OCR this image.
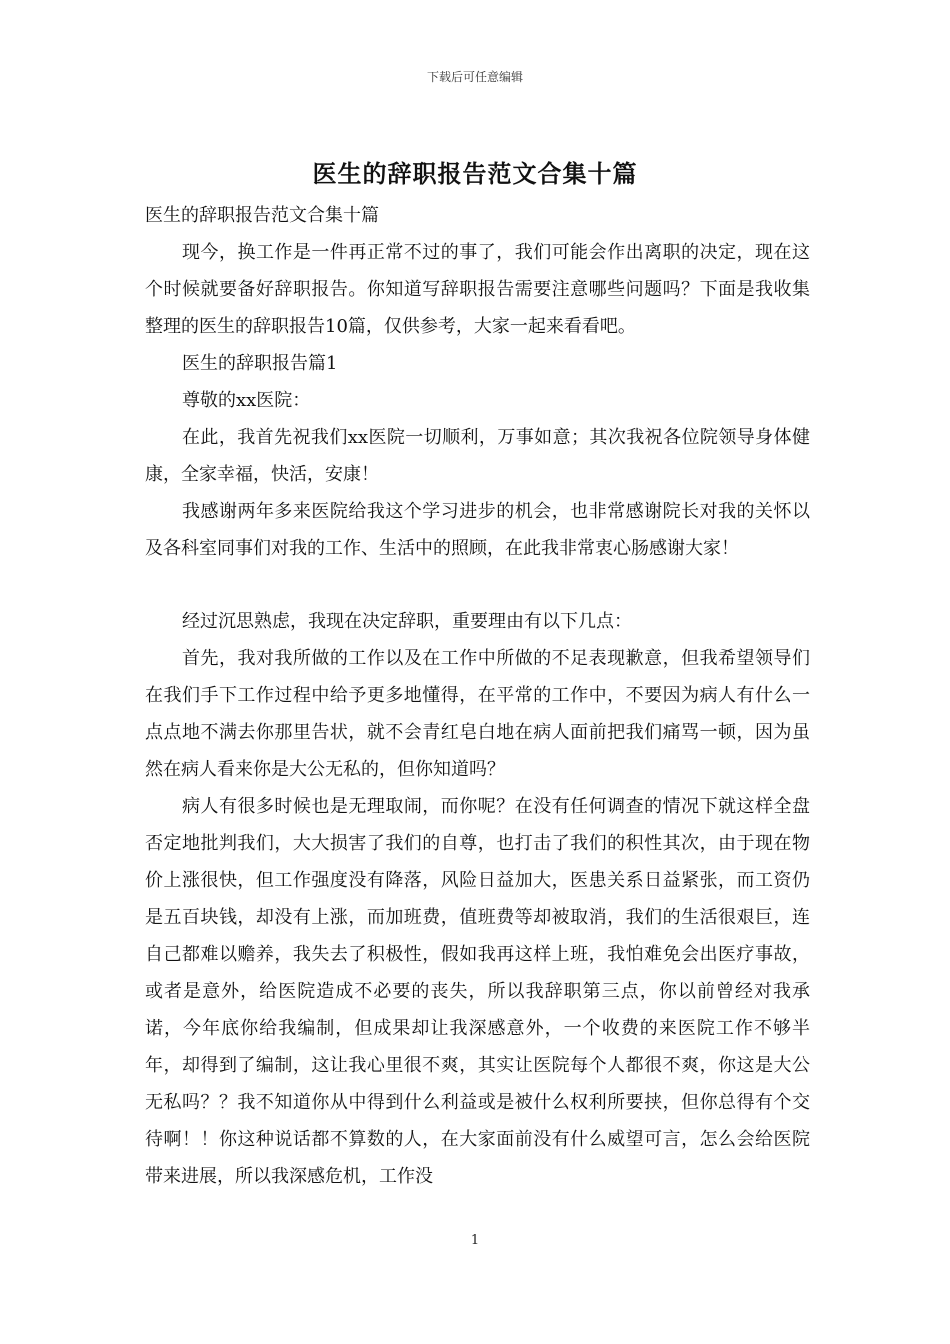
下载后可任意编辑
医生的辞职报告范文合集十篇

医生的辞职报告范文合集十篇

现今，换工作是一件再正常不过的事了，我们可能会作出离职的决定，现在这个时候就要备好辞职报告。你知道写辞职报告需要注意哪些问题吗？下面是我收集整理的医生的辞职报告10篇，仅供参考，大家一起来看看吧。

医生的辞职报告篇1

尊敬的xx医院：

在此，我首先祝我们xx医院一切顺利，万事如意；其次我祝各位院领导身体健康，全家幸福，快活，安康！

我感谢两年多来医院给我这个学习进步的机会，也非常感谢院长对我的关怀以及各科室同事们对我的工作、生活中的照顾，在此我非常衷心肠感谢大家！

经过沉思熟虑，我现在决定辞职，重要理由有以下几点：

首先，我对我所做的工作以及在工作中所做的不足表现歉意，但我希望领导们在我们手下工作过程中给予更多地懂得，在平常的工作中，不要因为病人有什么一点点地不满去你那里告状，就不会青红皂白地在病人面前把我们痛骂一顿，因为虽然在病人看来你是大公无私的，但你知道吗？

病人有很多时候也是无理取闹，而你呢？在没有任何调查的情况下就这样全盘否定地批判我们，大大损害了我们的自尊，也打击了我们的积性其次，由于现在物价上涨很快，但工作强度没有降落，风险日益加大，医患关系日益紧张，而工资仍是五百块钱，却没有上涨，而加班费，值班费等却被取消，我们的生活很艰巨，连自己都难以赡养，我失去了积极性，假如我再这样上班，我怕难免会出医疗事故，或者是意外，给医院造成不必要的丧失，所以我辞职第三点，你以前曾经对我承诺，今年底你给我编制，但成果却让我深感意外，一个收费的来医院工作不够半年，却得到了编制，这让我心里很不爽，其实让医院每个人都很不爽，你这是大公无私吗？？我不知道你从中得到什么利益或是被什么权利所要挟，但你总得有个交待啊！！你这种说话都不算数的人，在大家面前没有什么威望可言，怎么会给医院带来进展，所以我深感危机，工作没

1
